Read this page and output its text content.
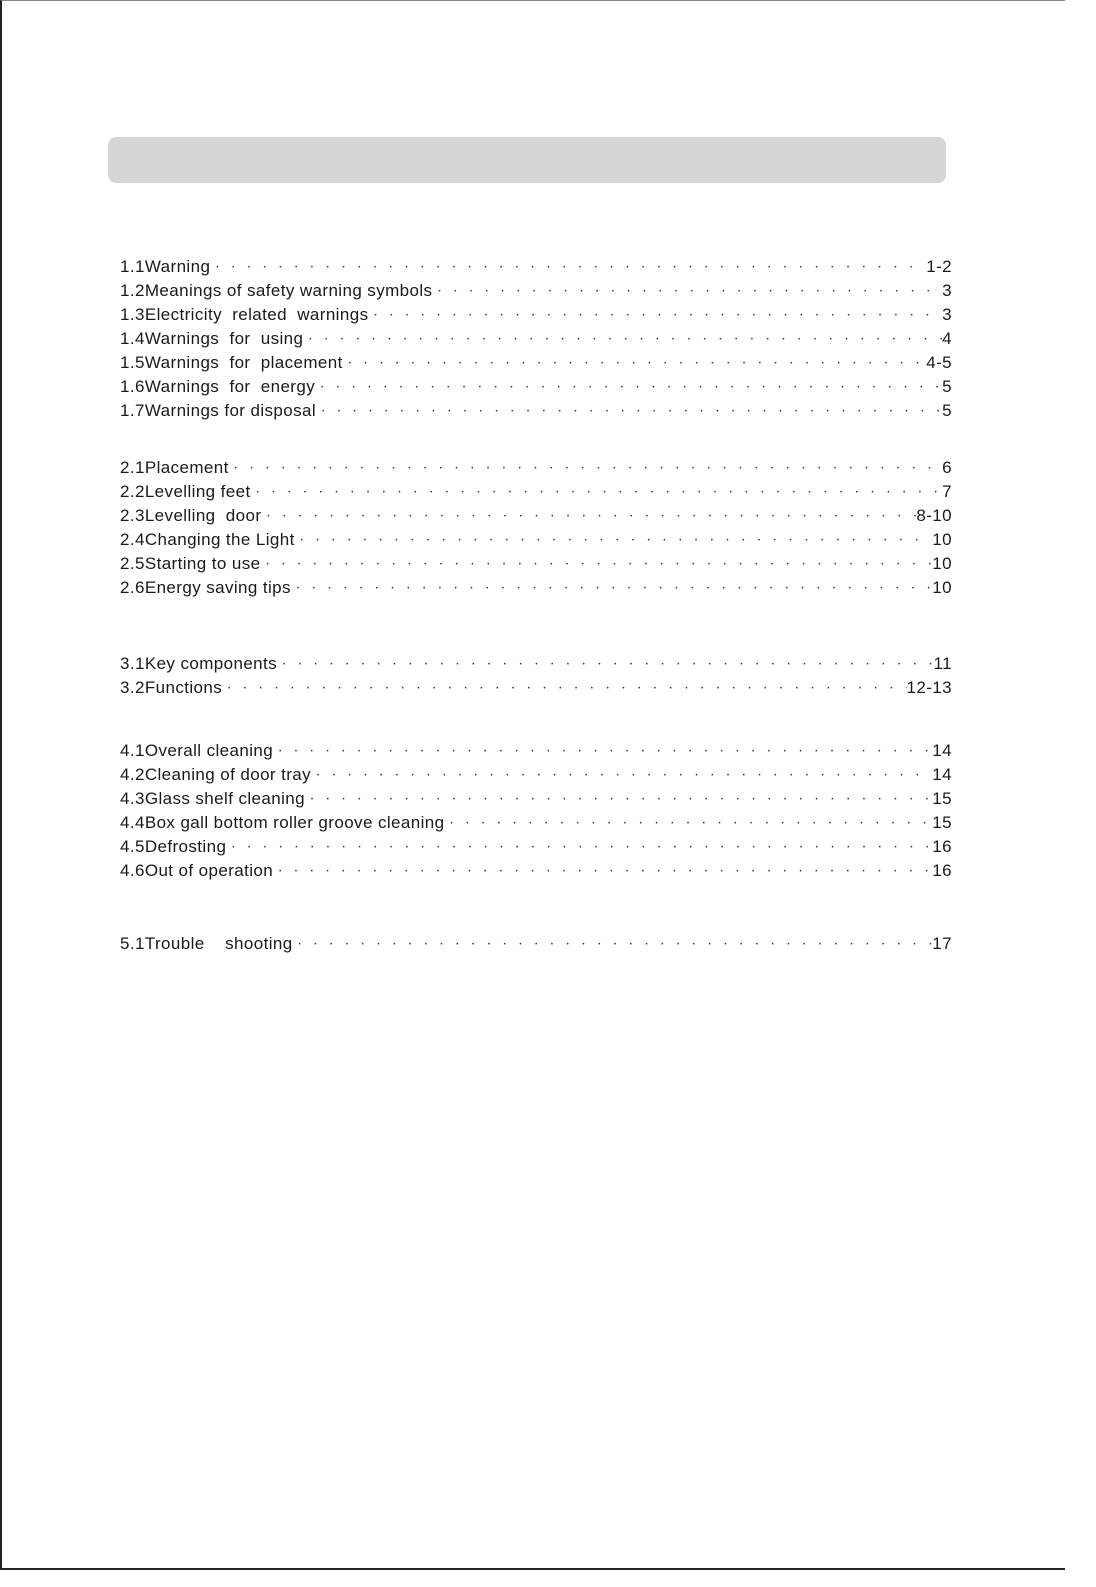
1.1Warning • • •	1-2
1.2Meanings of safety warning symbols • • •	3
1.3Electricity  related  warnings • • •	3
1.4Warnings  for  using • • •	4
1.5Warnings  for  placement • • •	4-5
1.6Warnings  for  energy • • •	5
1.7Warnings for disposal • • •	5
2.1Placement • • •	6
2.2Levelling feet • • •	7
2.3Levelling  door • • •	8-10
2.4Changing the Light • • •	10
2.5Starting to use • • •	10
2.6Energy saving tips • • •	10
3.1Key components • • •	11
3.2Functions • • •	12-13
4.1Overall cleaning • • •	14
4.2Cleaning of door tray • • •	14
4.3Glass shelf cleaning • • •	15
4.4Box gall bottom roller groove cleaning • • •	15
4.5Defrosting • • •	16
4.6Out of operation • • •	16
5.1Trouble    shooting • • •	17
